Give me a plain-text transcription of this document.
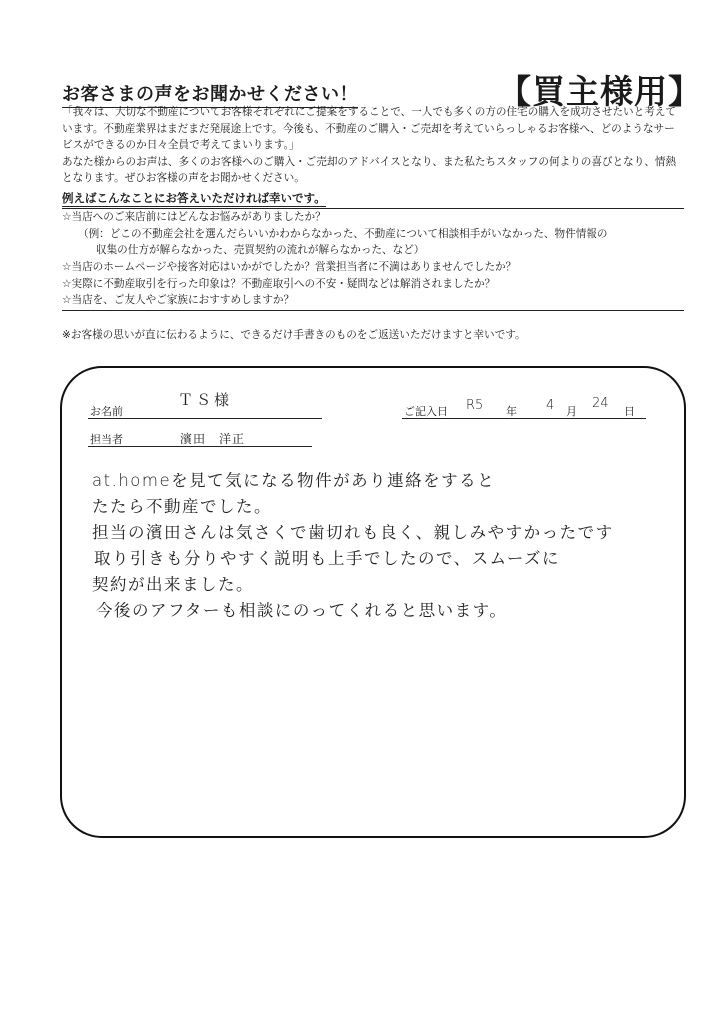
お客さまの声をお聞かせください！	【買主様用】

「我々は、大切な不動産についてお客様それぞれにご提案をすることで、一人でも多くの方の住宅の購入を成功させたいと考えています。不動産業界はまだまだ発展途上です。今後も、不動産のご購入・ご売却を考えていらっしゃるお客様へ、どのようなサービスができるのか日々全員で考えてまいります。」

あなた様からのお声は、多くのお客様へのご購入・ご売却のアドバイスとなり、また私たちスタッフの何よりの喜びとなり、情熱となります。ぜひお客様の声をお聞かせください。

例えばこんなことにお答えいただければ幸いです。
☆当店へのご来店前にはどんなお悩みがありましたか？
（例：どこの不動産会社を選んだらいいかわからなかった、不動産について相談相手がいなかった、物件情報の
収集の仕方が解らなかった、売買契約の流れが解らなかった、など）
☆当店のホームページや接客対応はいかがでしたか？営業担当者に不満はありませんでしたか？
☆実際に不動産取引を行った印象は？不動産取引への不安・疑問などは解消されましたか？
☆当店を、ご友人やご家族におすすめしますか？
※お客様の思いが直に伝わるように、できるだけ手書きのものをご返送いただけますと幸いです。
お名前
ＴＳ様
ご記入日 R5 年 4 月
24
日
担当者	濱田　洋正
at.homeを見て気になる物件があり連絡をすると
たたら不動産でした。
担当の濱田さんは気さくで歯切れも良く、親しみやすかったです
取り引きも分りやすく説明も上手でしたので、スムーズに
契約が出来ました。
今後のアフターも相談にのってくれると思います。
